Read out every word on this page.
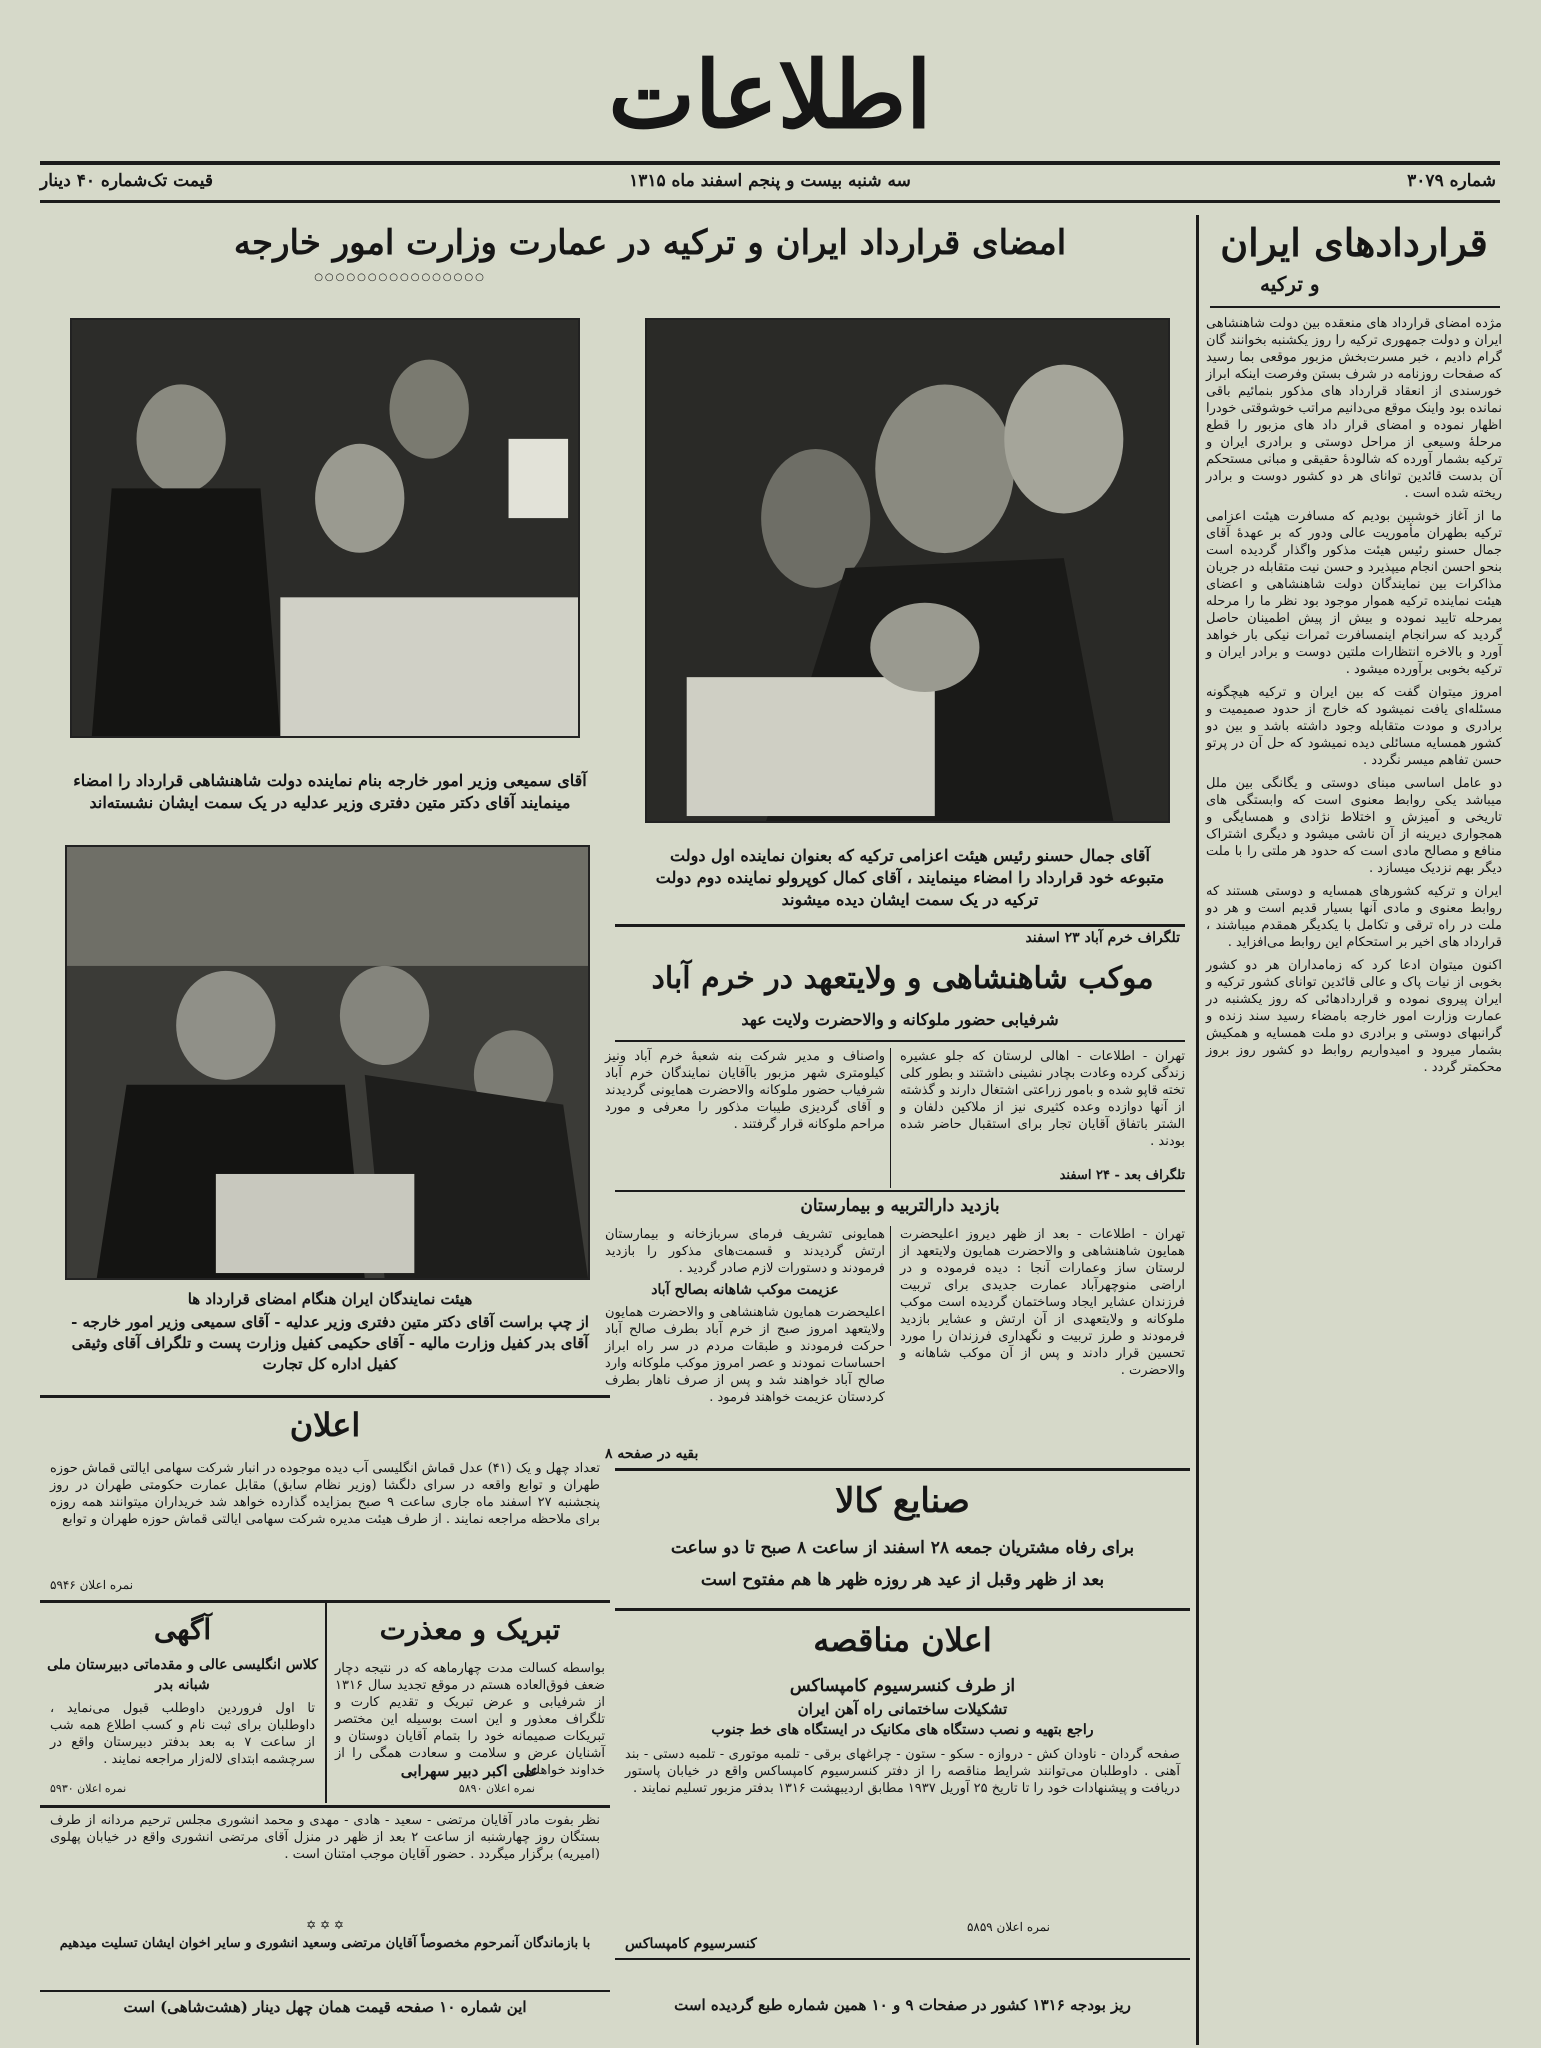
اطلاعات
شماره ۳۰۷۹
سه شنبه بیست و پنجم اسفند ماه ۱۳۱۵
قیمت تک‌شماره ۴۰ دینار
قراردادهای ایران
و ترکیه

مژده امضای قرارداد های منعقده بین دولت شاهنشاهی ایران و دولت جمهوری ترکیه را روز یکشنبه بخوانند گان گرام دادیم ، خبر مسرت‌بخش مزبور موقعی بما رسید که صفحات روزنامه در شرف بستن وفرصت اینکه ابراز خورسندی از انعقاد قرارداد های مذکور بنمائیم باقی نمانده بود واینک موقع می‌دانیم مراتب خوشوقتی خودرا اظهار نموده و امضای قرار داد های مزبور را قطع مرحلهٔ وسیعی از مراحل دوستی و برادری ایران و ترکیه بشمار آورده که شالودهٔ حقیقی و مبانی مستحکم آن بدست قائدین توانای هر دو کشور دوست و برادر ریخته شده است .

ما از آغاز خوشبین بودیم که مسافرت هیئت اعزامی ترکیه بطهران مأموریت عالی ودور که بر عهدهٔ آقای جمال حسنو رئیس هیئت مذکور واگذار گردیده است بنحو احسن انجام میپذیرد و حسن نیت متقابله در جریان مذاکرات بین نمایندگان دولت شاهنشاهی و اعضای هیئت نماینده ترکیه هموار موجود بود نظر ما را مرحله بمرحله تایید نموده و بیش از پیش اطمینان حاصل گردید که سرانجام اینمسافرت ثمرات نیکی بار خواهد آورد و بالاخره انتظارات ملتین دوست و برادر ایران و ترکیه بخوبی برآورده میشود .

امروز میتوان گفت که بین ایران و ترکیه هیچگونه مسئله‌ای یافت نمیشود که خارج از حدود صمیمیت و برادری و مودت متقابله وجود داشته باشد و بین دو کشور همسایه مسائلی دیده نمیشود که حل آن در پرتو حسن تفاهم میسر نگردد .

دو عامل اساسی مبنای دوستی و یگانگی بین ملل میباشد یکی روابط معنوی است که وابستگی های تاریخی و آمیزش و اختلاط نژادی و همسایگی و همجواری دیرینه از آن ناشی میشود و دیگری اشتراک منافع و مصالح مادی است که حدود هر ملتی را با ملت دیگر بهم نزدیک میسازد .

ایران و ترکیه کشورهای همسایه و دوستی هستند که روابط معنوی و مادی آنها بسیار قدیم است و هر دو ملت در راه ترقی و تکامل با یکدیگر همقدم میباشند ، قرارداد های اخیر بر استحکام این روابط می‌افزاید .

اکنون میتوان ادعا کرد که زمامداران هر دو کشور بخوبی از نیات پاک و عالی قائدین توانای کشور ترکیه و ایران پیروی نموده و قراردادهائی که روز یکشنبه در عمارت وزارت امور خارجه بامضاء رسید سند زنده و گرانبهای دوستی و برادری دو ملت همسایه و همکیش بشمار میرود و امیدواریم روابط دو کشور روز بروز محکمتر گردد .

امضای قرارداد ایران و ترکیه در عمارت وزارت امور خارجه
○○○○○○○○○○○○○○○○
آقای جمال حسنو رئیس هیئت اعزامی ترکیه که بعنوان نماینده اول دولت متبوعه خود قرارداد را امضاء مینمایند ، آقای کمال کوپرولو نماینده دوم دولت ترکیه در یک سمت ایشان دیده میشوند
آقای سمیعی وزیر امور خارجه بنام نماینده دولت شاهنشاهی قرارداد را امضاء مینمایند آقای دکتر متین دفتری وزیر عدلیه در یک سمت ایشان نشسته‌اند
هیئت نمایندگان ایران هنگام امضای قرارداد ها
از چپ براست آقای دکتر متین دفتری وزیر عدلیه - آقای سمیعی وزیر امور خارجه - آقای بدر کفیل وزارت مالیه - آقای حکیمی کفیل وزارت پست و تلگراف آقای وثیقی کفیل اداره کل تجارت
تلگراف خرم آباد ۲۳ اسفند
موکب شاهنشاهی و ولایتعهد در خرم آباد
شرفیابی حضور ملوکانه و والاحضرت ولایت عهد

تهران - اطلاعات - اهالی لرستان که جلو عشیره زندگی کرده وعادت بچادر نشینی داشتند و بطور کلی تخته قاپو شده و بامور زراعتی اشتغال دارند و گذشته از آنها دوازده وعده کثیری نیز از ملاکین دلفان و الشتر باتفاق آقایان تجار برای استقبال حاضر شده بودند .

واصناف و مدیر شرکت بنه شعبهٔ خرم آباد ونیز کیلومتری شهر مزبور باآقایان نمایندگان خرم آباد شرفیاب حضور ملوکانه والاحضرت همایونی گردیدند و آقای گردیزی طیبات مذکور را معرفی و مورد مراحم ملوکانه قرار گرفتند .

تلگراف بعد - ۲۴ اسفند
بازدید دارالتربیه و بیمارستان

تهران - اطلاعات - بعد از ظهر دیروز اعلیحضرت همایون شاهنشاهی و والاحضرت همایون ولایتعهد از لرستان ساز وعمارات آنجا : دیده فرموده و در اراضی منوچهرآباد عمارت جدیدی برای تربیت فرزندان عشایر ایجاد وساختمان گردیده است موکب ملوکانه و ولایتعهدی از آن ارتش و عشایر بازدید فرمودند و طرز تربیت و نگهداری فرزندان را مورد تحسین قرار دادند و پس از آن موکب شاهانه و والاحضرت .

همایونی تشریف فرمای سربازخانه و بیمارستان ارتش گردیدند و قسمت‌های مذکور را بازدید فرمودند و دستورات لازم صادر گردید .

عزیمت موکب شاهانه بصالح آباد

اعلیحضرت همایون شاهنشاهی و والاحضرت همایون ولایتعهد امروز صبح از خرم آباد بطرف صالح آباد حرکت فرمودند و طبقات مردم در سر راه ابراز احساسات نمودند و عصر امروز موکب ملوکانه وارد صالح آباد خواهند شد و پس از صرف ناهار بطرف کردستان عزیمت خواهند فرمود .

بقیه در صفحه ۸
اعلان

تعداد چهل و یک (۴۱) عدل قماش انگلیسی آب دیده موجوده در انبار شرکت سهامی ایالتی قماش حوزه طهران و توابع واقعه در سرای دلگشا (وزیر نظام سابق) مقابل عمارت حکومتی طهران در روز پنجشنبه ۲۷ اسفند ماه جاری ساعت ۹ صبح بمزایده گذارده خواهد شد خریداران میتوانند همه روزه برای ملاحظه مراجعه نمایند . از طرف هیئت مدیره شرکت سهامی ایالتی قماش حوزه طهران و توابع

نمره اعلان ۵۹۴۶
تبریک و معذرت

بواسطه کسالت مدت چهارماهه که در نتیجه دچار ضعف فوق‌العاده هستم در موقع تجدید سال ۱۳۱۶ از شرفیابی و عرض تبریک و تقدیم کارت و تلگراف معذور و این است بوسیله این مختصر تبریکات صمیمانه خود را بتمام آقایان دوستان و آشنایان عرض و سلامت و سعادت همگی را از خداوند خواهانم .

علی اکبر دبیر سهرابی
نمره اعلان ۵۸۹۰
آگهی
کلاس انگلیسی عالی و مقدماتی دبیرستان ملی شبانه بدر

تا اول فروردین داوطلب قبول می‌نماید ، داوطلبان برای ثبت نام و کسب اطلاع همه شب از ساعت ۷ به بعد بدفتر دبیرستان واقع در سرچشمه ابتدای لاله‌زار مراجعه نمایند .

نمره اعلان ۵۹۳۰

نظر بفوت مادر آقایان مرتضی - سعید - هادی - مهدی و محمد انشوری مجلس ترحیم مردانه از طرف بستگان روز چهارشنبه از ساعت ۲ بعد از ظهر در منزل آقای مرتضی انشوری واقع در خیابان پهلوی (امیریه) برگزار میگردد . حضور آقایان موجب امتنان است .

✡ ✡ ✡
با بازماندگان آنمرحوم مخصوصاً آقایان مرتضی وسعید انشوری و سایر اخوان ایشان تسلیت میدهیم
این شماره ۱۰ صفحه قیمت همان چهل دینار (هشت‌شاهی) است
صنایع کالا
برای رفاه مشتریان جمعه ۲۸ اسفند از ساعت ۸ صبح تا دو ساعت
بعد از ظهر وقبل از عید هر روزه ظهر ها هم مفتوح است
اعلان مناقصه
از طرف کنسرسیوم کامپساکس
تشکیلات ساختمانی راه آهن ایران
راجع بتهیه و نصب دستگاه های مکانیک در ایستگاه های خط جنوب

صفحه گردان - ناودان کش - دروازه - سکو - ستون - چراغهای برقی - تلمبه موتوری - تلمبه دستی - بند آهنی . داوطلبان می‌توانند شرایط مناقصه را از دفتر کنسرسیوم کامپساکس واقع در خیابان پاستور دریافت و پیشنهادات خود را تا تاریخ ۲۵ آوریل ۱۹۳۷ مطابق اردیبهشت ۱۳۱۶ بدفتر مزبور تسلیم نمایند .

نمره اعلان ۵۸۵۹
کنسرسیوم کامپساکس
ریز بودجه ۱۳۱۶ کشور در صفحات ۹ و ۱۰ همین شماره طبع گردیده است
